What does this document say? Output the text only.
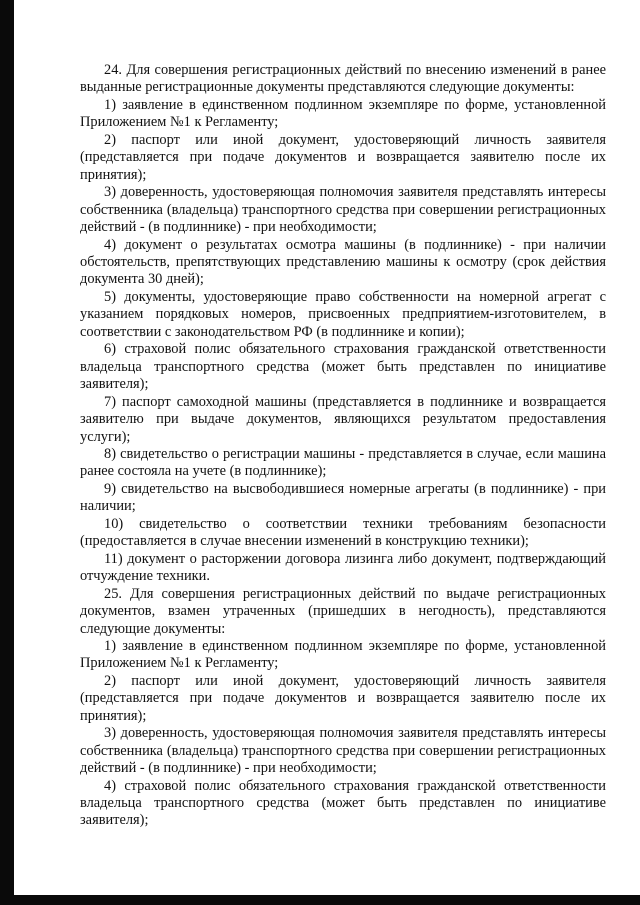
24. Для совершения регистрационных действий по внесению изменений в ранее выданные регистрационные документы представляются следующие документы:

1) заявление в единственном подлинном экземпляре по форме, установленной Приложением №1 к Регламенту;

2) паспорт или иной документ, удостоверяющий личность заявителя (представляется при подаче документов и возвращается заявителю после их принятия);

3) доверенность, удостоверяющая полномочия заявителя представлять интересы собственника (владельца) транспортного средства при совершении регистрационных действий - (в подлиннике) - при необходимости;

4) документ о результатах осмотра машины (в подлиннике) - при наличии обстоятельств, препятствующих представлению машины к осмотру (срок действия документа 30 дней);

5) документы, удостоверяющие право собственности на номерной агрегат с указанием порядковых номеров, присвоенных предприятием-изготовителем, в соответствии с законодательством РФ (в подлиннике и копии);

6) страховой полис обязательного страхования гражданской ответственности владельца транспортного средства (может быть представлен по инициативе заявителя);

7) паспорт самоходной машины (представляется в подлиннике и возвращается заявителю при выдаче документов, являющихся результатом предоставления услуги);

8) свидетельство о регистрации машины - представляется в случае, если машина ранее состояла на учете (в подлиннике);

9) свидетельство на высвободившиеся номерные агрегаты (в подлиннике) - при наличии;

10) свидетельство о соответствии техники требованиям безопасности (предоставляется в случае внесении изменений в конструкцию техники);

11) документ о расторжении договора лизинга либо документ, подтверждающий отчуждение техники.

25. Для совершения регистрационных действий по выдаче регистрационных документов, взамен утраченных (пришедших в негодность), представляются следующие документы:

1) заявление в единственном подлинном экземпляре по форме, установленной Приложением №1 к Регламенту;

2) паспорт или иной документ, удостоверяющий личность заявителя (представляется при подаче документов и возвращается заявителю после их принятия);

3) доверенность, удостоверяющая полномочия заявителя представлять интересы собственника (владельца) транспортного средства при совершении регистрационных действий - (в подлиннике) - при необходимости;

4) страховой полис обязательного страхования гражданской ответственности владельца транспортного средства (может быть представлен по инициативе заявителя);
